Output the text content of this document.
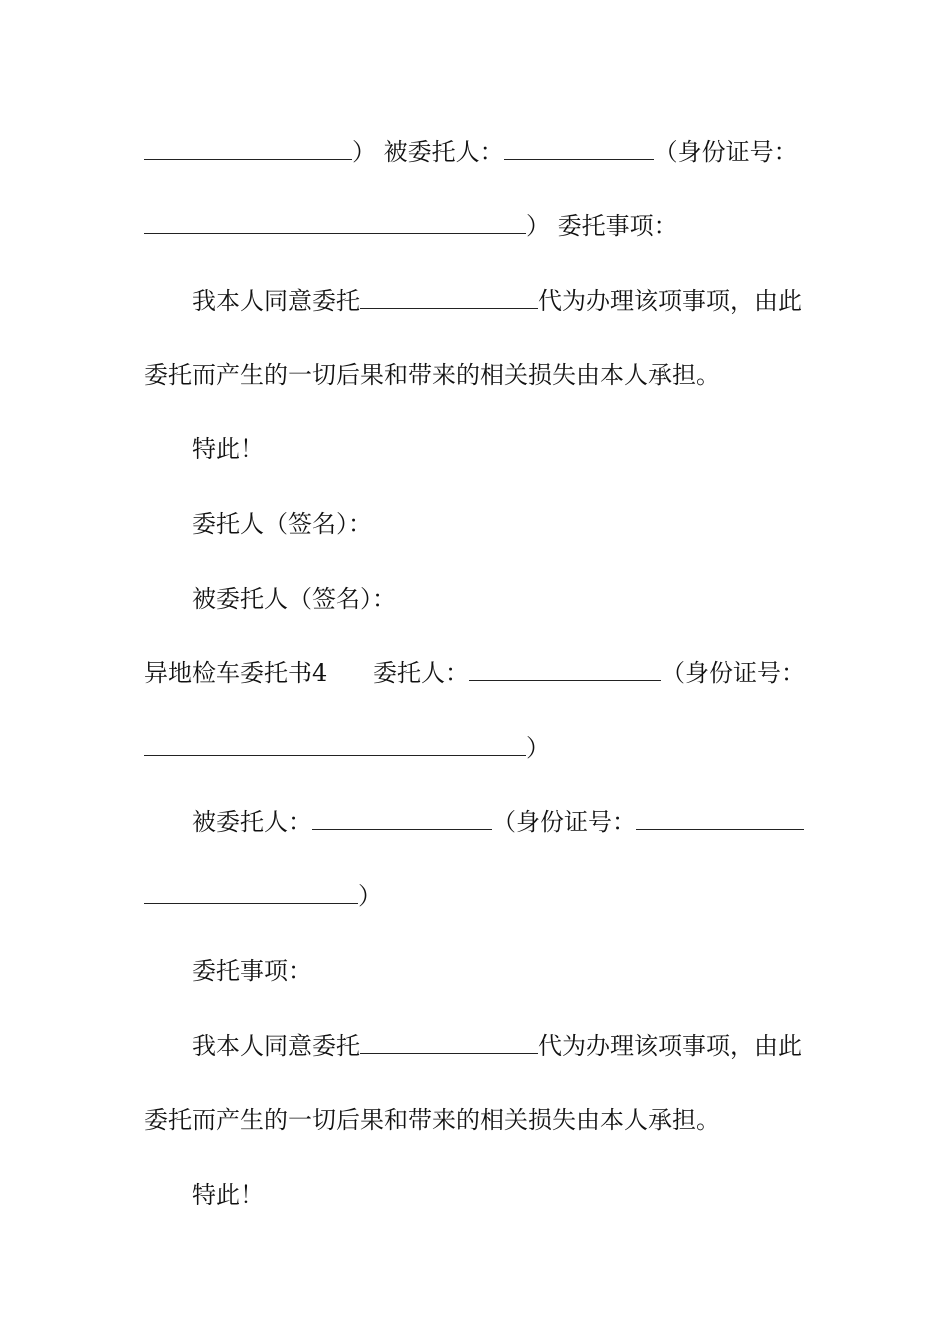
） 被委托人：	（身份证号：
） 委托事项：
我本人同意委托	代为办理该项事项，由此
委托而产生的一切后果和带来的相关损失由本人承担。
特此！
委托人（签名）：
被委托人（签名）：
异地检车委托书4      委托人：	（身份证号：
）
被委托人：	（身份证号：
）
委托事项：
我本人同意委托	代为办理该项事项，由此
委托而产生的一切后果和带来的相关损失由本人承担。
特此！
